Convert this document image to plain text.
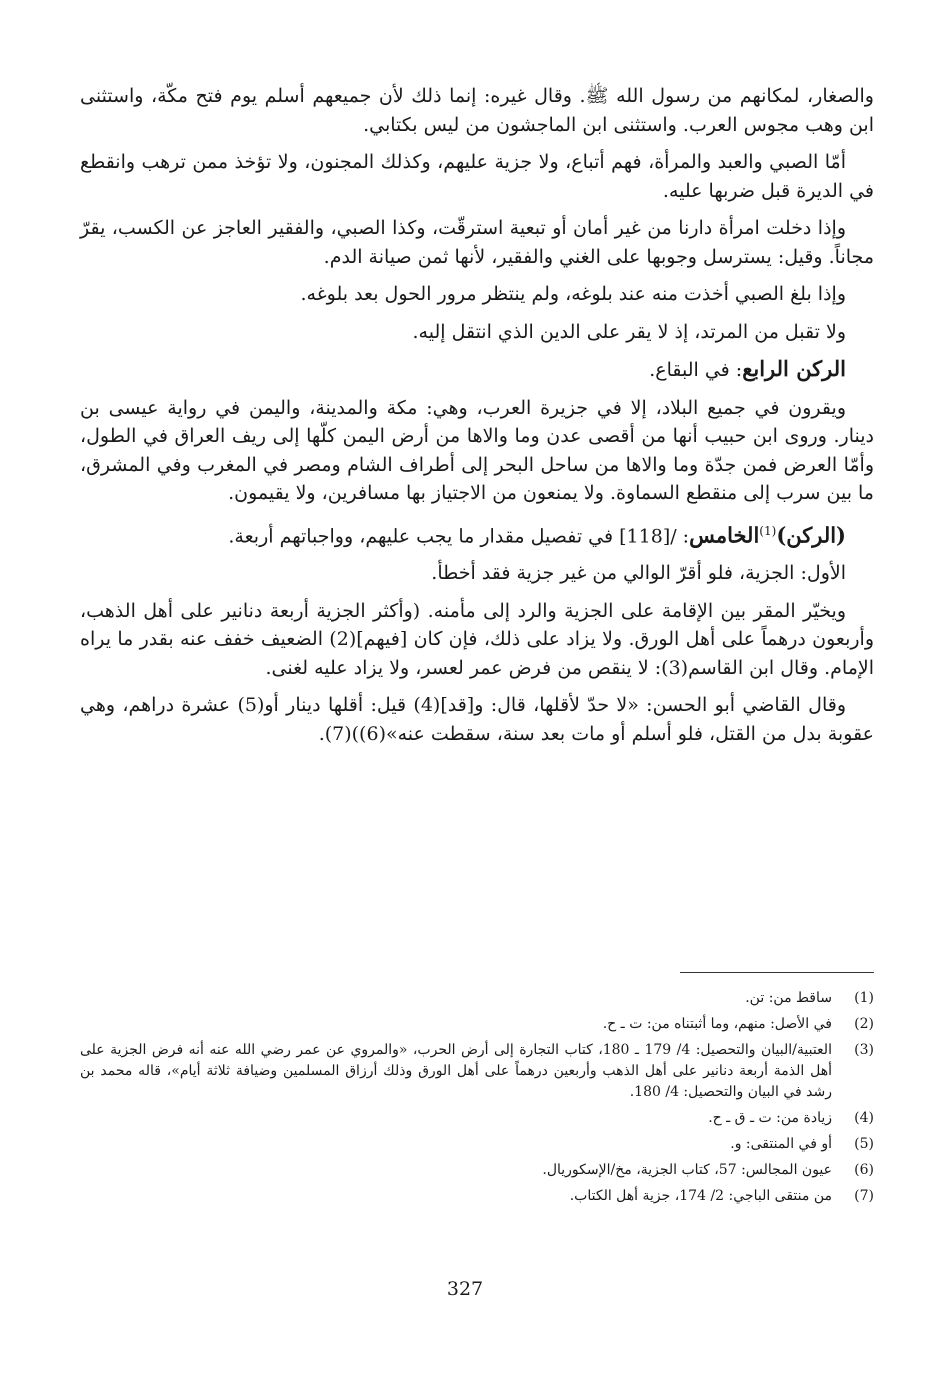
والصغار، لمكانهم من رسول الله ﷺ. وقال غيره: إنما ذلك لأن جميعهم أسلم يوم فتح مكّة، واستثنى ابن وهب مجوس العرب. واستثنى ابن الماجشون من ليس بكتابي.

أمّا الصبي والعبد والمرأة، فهم أتباع، ولا جزية عليهم، وكذلك المجنون، ولا تؤخذ ممن ترهب وانقطع في الديرة قبل ضربها عليه.

وإذا دخلت امرأة دارنا من غير أمان أو تبعية استرقّت، وكذا الصبي، والفقير العاجز عن الكسب، يقرّ مجاناً. وقيل: يسترسل وجوبها على الغني والفقير، لأنها ثمن صيانة الدم.

وإذا بلغ الصبي أخذت منه عند بلوغه، ولم ينتظر مرور الحول بعد بلوغه.

ولا تقبل من المرتد، إذ لا يقر على الدين الذي انتقل إليه.

الركن الرابع: في البقاع.

ويقرون في جميع البلاد، إلا في جزيرة العرب، وهي: مكة والمدينة، واليمن في رواية عيسى بن دينار. وروى ابن حبيب أنها من أقصى عدن وما والاها من أرض اليمن كلّها إلى ريف العراق في الطول، وأمّا العرض فمن جدّة وما والاها من ساحل البحر إلى أطراف الشام ومصر في المغرب وفي المشرق، ما بين سرب إلى منقطع السماوة. ولا يمنعون من الاجتياز بها مسافرين، ولا يقيمون.

(الركن)$^{(1)}$الخامس: /[118] في تفصيل مقدار ما يجب عليهم، وواجباتهم أربعة.

الأول: الجزية، فلو أقرّ الوالي من غير جزية فقد أخطأ.

ويخيّر المقر بين الإقامة على الجزية والرد إلى مأمنه. (وأكثر الجزية أربعة دنانير على أهل الذهب، وأربعون درهماً على أهل الورق. ولا يزاد على ذلك، فإن كان [فيهم](2) الضعيف خفف عنه بقدر ما يراه الإمام. وقال ابن القاسم(3): لا ينقص من فرض عمر لعسر، ولا يزاد عليه لغنى.

وقال القاضي أبو الحسن: «لا حدّ لأقلها، قال: و[قد](4) قيل: أقلها دينار أو(5) عشرة دراهم، وهي عقوبة بدل من القتل، فلو أسلم أو مات بعد سنة، سقطت عنه»(6))(7).

(1)
ساقط من: تن.
(2)
في الأصل: منهم، وما أثبتناه من: ت ـ ح.
(3)
العتبية/البيان والتحصيل: 4/ 179 ـ 180، كتاب التجارة إلى أرض الحرب، «والمروي عن عمر رضي الله عنه أنه فرض الجزية على أهل الذمة أربعة دنانير على أهل الذهب وأربعين درهماً على أهل الورق وذلك أرزاق المسلمين وضيافة ثلاثة أيام»، قاله محمد بن رشد في البيان والتحصيل: 4/ 180.
(4)
زيادة من: ت ـ ق ـ ح.
(5)
أو في المنتقى: و.
(6)
عيون المجالس: 57، كتاب الجزية، مخ/الإسكوريال.
(7)
من منتقى الباجي: 2/ 174، جزية أهل الكتاب.
327
